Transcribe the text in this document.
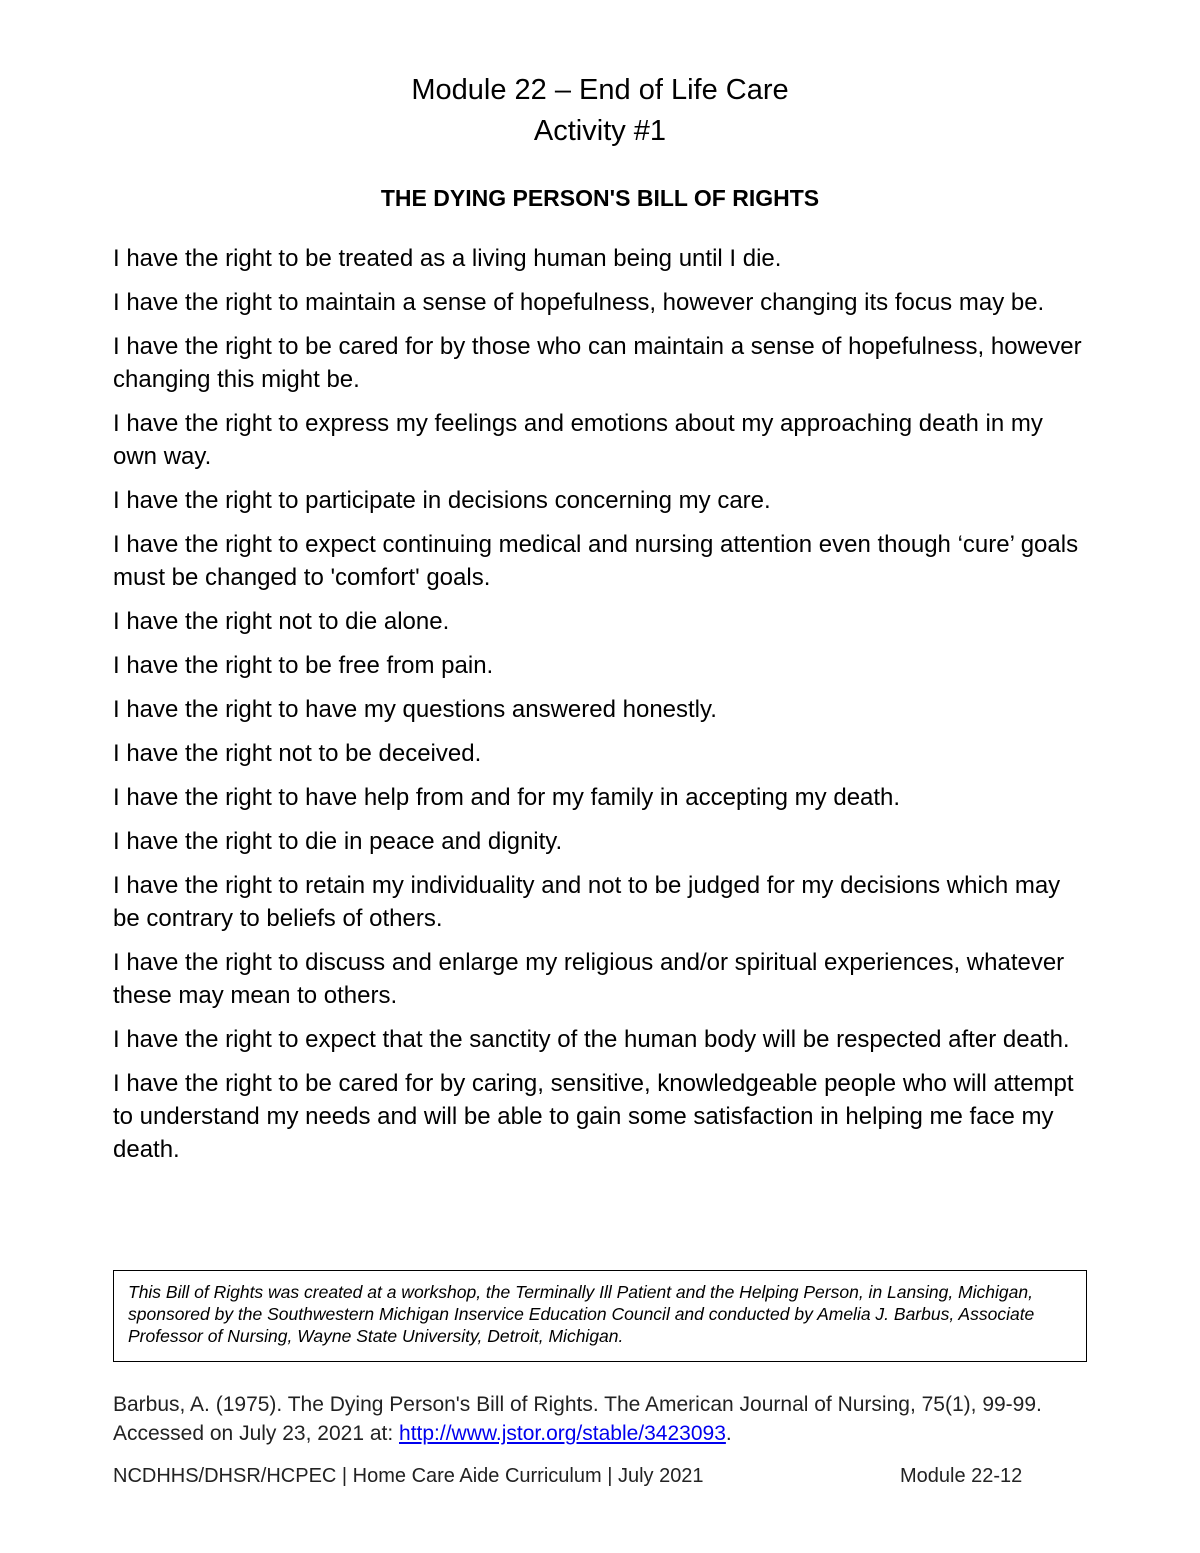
Module 22 – End of Life Care
Activity #1
THE DYING PERSON'S BILL OF RIGHTS
I have the right to be treated as a living human being until I die.
I have the right to maintain a sense of hopefulness, however changing its focus may be.
I have the right to be cared for by those who can maintain a sense of hopefulness, however changing this might be.
I have the right to express my feelings and emotions about my approaching death in my own way.
I have the right to participate in decisions concerning my care.
I have the right to expect continuing medical and nursing attention even though ‘cure’ goals must be changed to 'comfort' goals.
I have the right not to die alone.
I have the right to be free from pain.
I have the right to have my questions answered honestly.
I have the right not to be deceived.
I have the right to have help from and for my family in accepting my death.
I have the right to die in peace and dignity.
I have the right to retain my individuality and not to be judged for my decisions which may be contrary to beliefs of others.
I have the right to discuss and enlarge my religious and/or spiritual experiences, whatever these may mean to others.
I have the right to expect that the sanctity of the human body will be respected after death.
I have the right to be cared for by caring, sensitive, knowledgeable people who will attempt to understand my needs and will be able to gain some satisfaction in helping me face my death.
This Bill of Rights was created at a workshop, the Terminally Ill Patient and the Helping Person, in Lansing, Michigan, sponsored by the Southwestern Michigan Inservice Education Council and conducted by Amelia J. Barbus, Associate Professor of Nursing, Wayne State University, Detroit, Michigan.
Barbus, A. (1975). The Dying Person's Bill of Rights. The American Journal of Nursing, 75(1), 99-99. Accessed on July 23, 2021 at: http://www.jstor.org/stable/3423093.
NCDHHS/DHSR/HCPEC | Home Care Aide Curriculum | July 2021	Module 22-12
